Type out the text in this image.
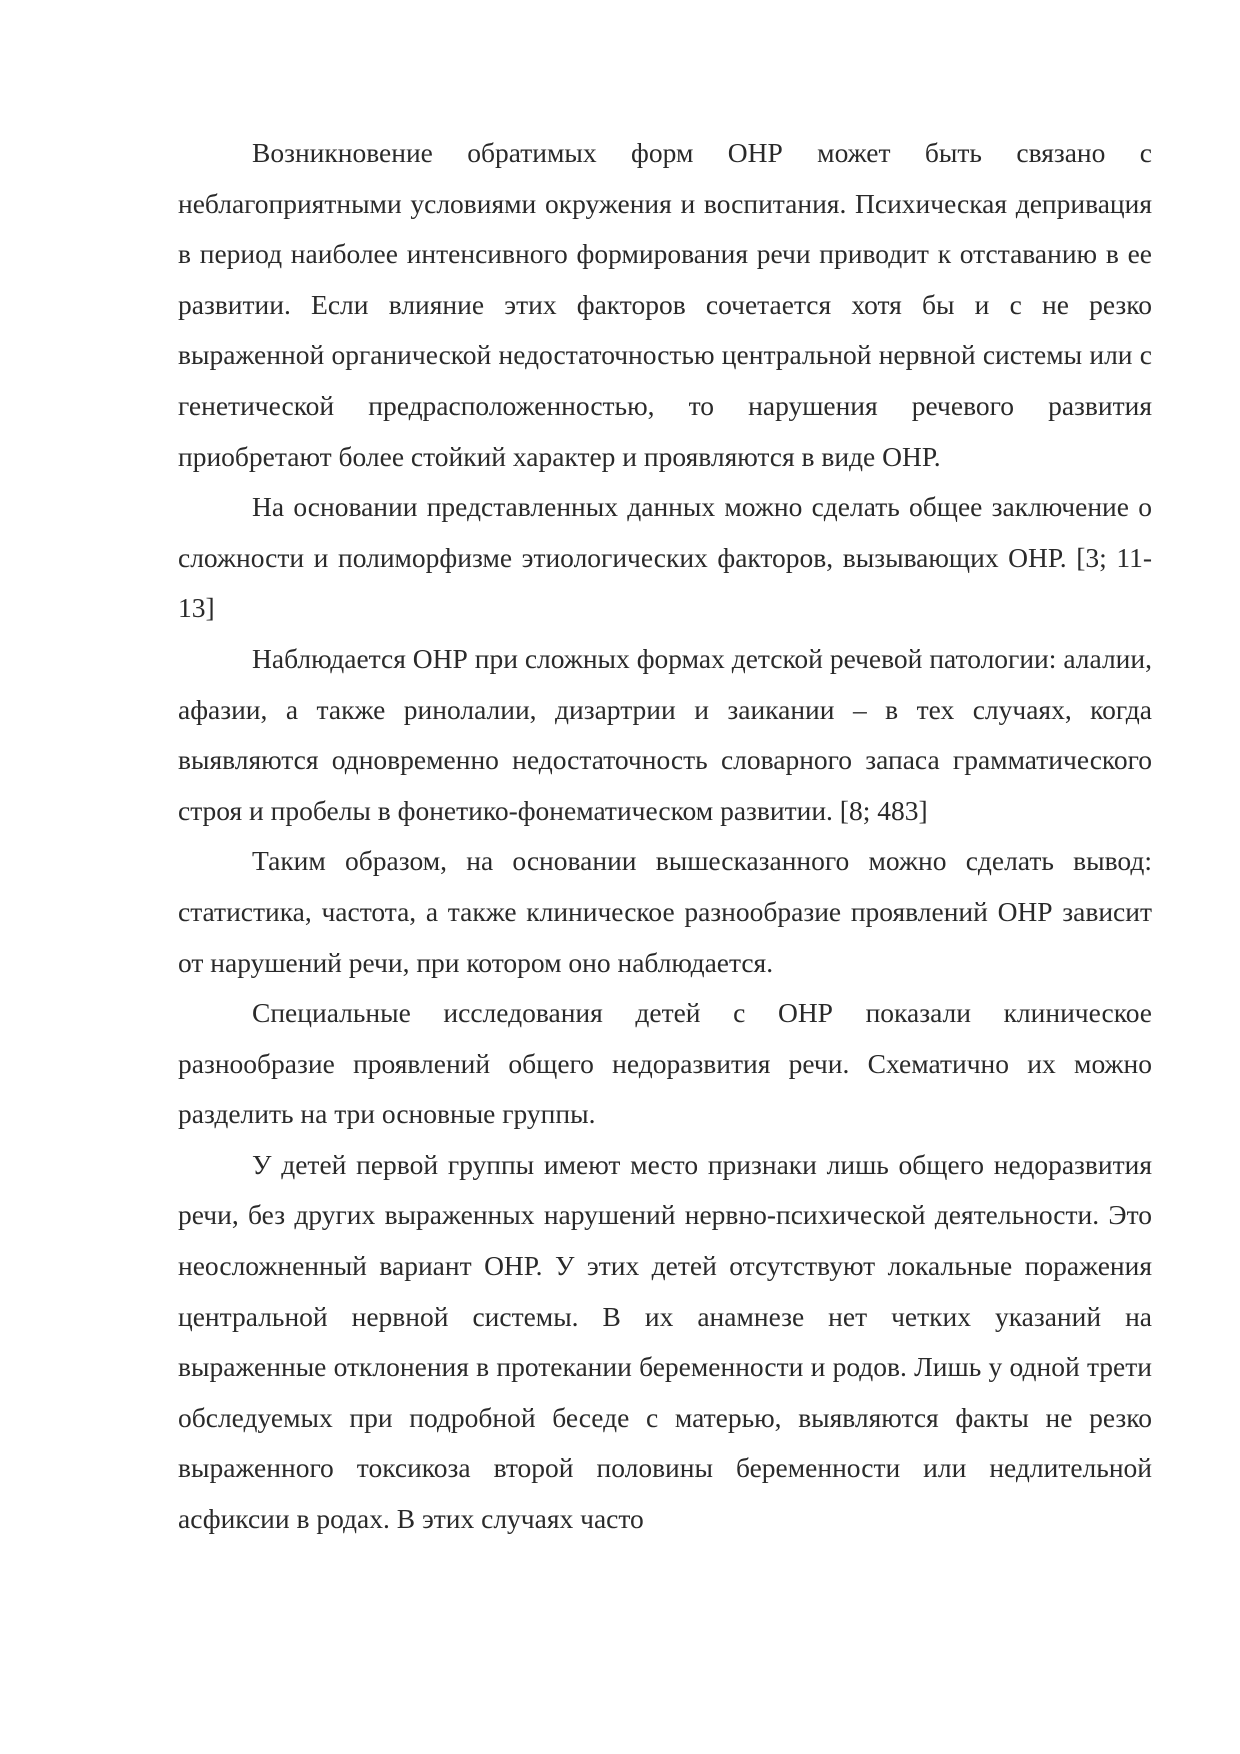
Возникновение обратимых форм ОНР может быть связано с неблагоприятными условиями окружения и воспитания. Психическая депривация в период наиболее интенсивного формирования речи приводит к отставанию в ее развитии. Если влияние этих факторов сочетается хотя бы и с не резко выраженной органической недостаточностью центральной нервной системы или с генетической предрасположенностью, то нарушения речевого развития приобретают более стойкий характер и проявляются в виде ОНР.

На основании представленных данных можно сделать общее заключение о сложности и полиморфизме этиологических факторов, вызывающих ОНР. [3; 11-13]

Наблюдается ОНР при сложных формах детской речевой патологии: алалии, афазии, а также ринолалии, дизартрии и заикании – в тех случаях, когда выявляются одновременно недостаточность словарного запаса грамматического строя и пробелы в фонетико-фонематическом развитии. [8; 483]

Таким образом, на основании вышесказанного можно сделать вывод: статистика, частота, а также клиническое разнообразие проявлений ОНР зависит от нарушений речи, при котором оно наблюдается.

Специальные исследования детей с ОНР показали клиническое разнообразие проявлений общего недоразвития речи. Схематично их можно разделить на три основные группы.

У детей первой группы имеют место признаки лишь общего недоразвития речи, без других выраженных нарушений нервно-психической деятельности. Это неосложненный вариант ОНР. У этих детей отсутствуют локальные поражения центральной нервной системы. В их анамнезе нет четких указаний на выраженные отклонения в протекании беременности и родов. Лишь у одной трети обследуемых при подробной беседе с матерью, выявляются факты не резко выраженного токсикоза второй половины беременности или недлительной асфиксии в родах. В этих случаях часто
